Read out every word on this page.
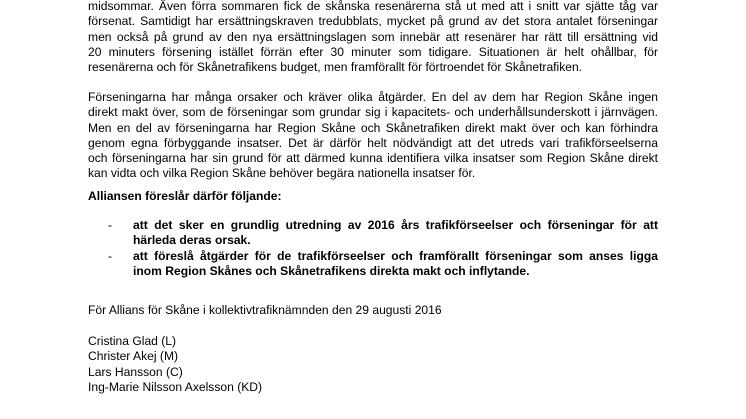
midsommar. Även förra sommaren fick de skånska resenärerna stå ut med att i snitt var sjätte tåg var
försenat. Samtidigt har ersättningskraven tredubblats, mycket på grund av det stora antalet förseningar
men också på grund av den nya ersättningslagen som innebär att resenärer har rätt till ersättning vid
20 minuters försening istället förrän efter 30 minuter som tidigare. Situationen är helt ohållbar, för
resenärerna och för Skånetrafikens budget, men framförallt för förtroendet för Skånetrafiken.

Förseningarna har många orsaker och kräver olika åtgärder. En del av dem har Region Skåne ingen
direkt makt över, som de förseningar som grundar sig i kapacitets- och underhållsunderskott i järnvägen.
Men en del av förseningarna har Region Skåne och Skånetrafiken direkt makt över och kan förhindra
genom egna förbyggande insatser. Det är därför helt nödvändigt att det utreds vari trafikförseelserna
och förseningarna har sin grund för att därmed kunna identifiera vilka insatser som Region Skåne direkt
kan vidta och vilka Region Skåne behöver begära nationella insatser för.

Alliansen föreslår därför följande:
- att det sker en grundlig utredning av 2016 års trafikförseelser och förseningar för att
härleda deras orsak.
- att föreslå åtgärder för de trafikförseelser och framförallt förseningar som anses ligga
inom Region Skånes och Skånetrafikens direkta makt och inflytande.
För Allians för Skåne i kollektivtrafiknämnden den 29 augusti 2016
Cristina Glad (L)
Christer Akej (M)
Lars Hansson (C)
Ing-Marie Nilsson Axelsson (KD)
